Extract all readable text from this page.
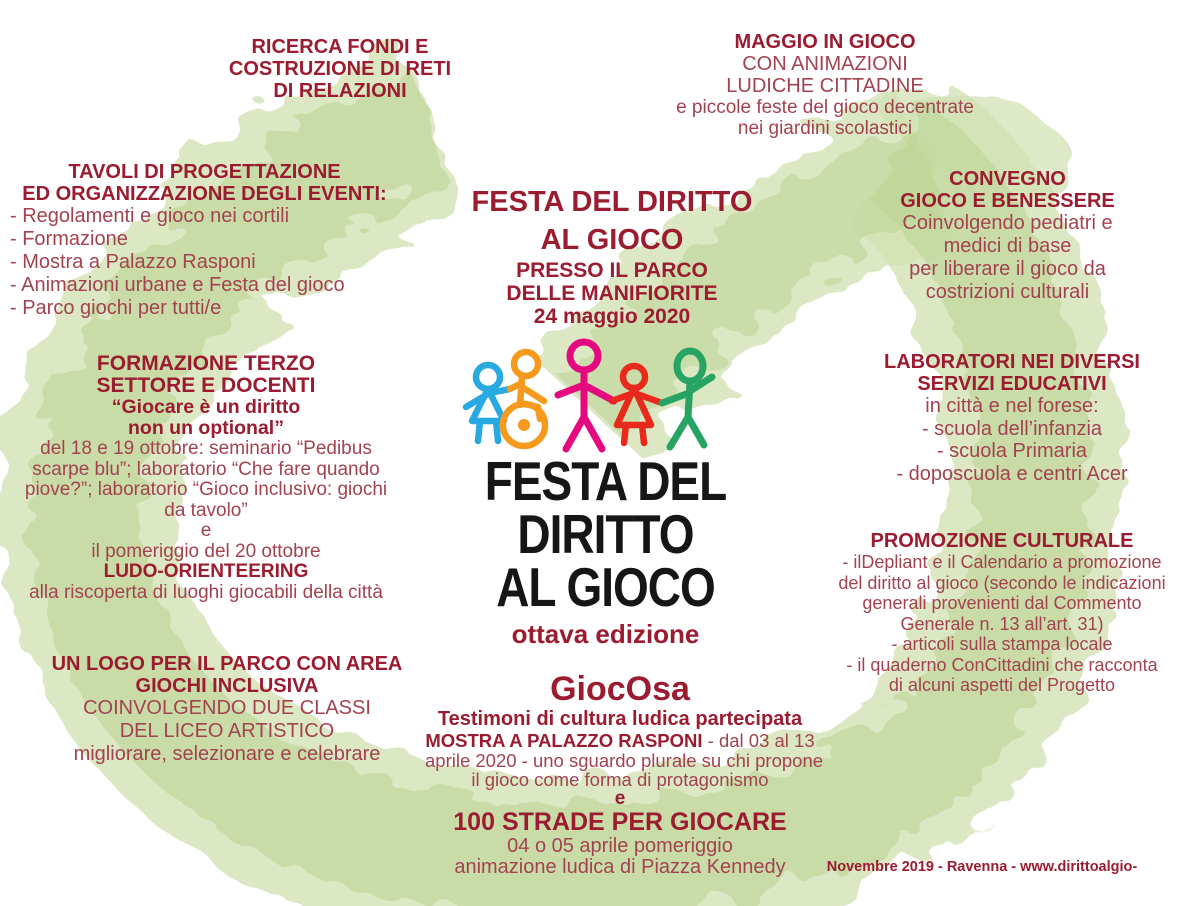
RICERCA FONDI E
COSTRUZIONE DI RETI
DI RELAZIONI
MAGGIO IN GIOCO
CON ANIMAZIONI
LUDICHE CITTADINE
e piccole feste del gioco decentrate
nei giardini scolastici
TAVOLI DI PROGETTAZIONE
ED ORGANIZZAZIONE DEGLI EVENTI:
- Regolamenti e gioco nei cortili
- Formazione
- Mostra a Palazzo Rasponi
- Animazioni urbane e Festa del gioco
- Parco giochi per tutti/e
FESTA DEL DIRITTO
AL GIOCO
PRESSO IL PARCO
DELLE MANIFIORITE
24 maggio 2020
CONVEGNO
GIOCO E BENESSERE
Coinvolgendo pediatri e
medici di base
per liberare il gioco da
costrizioni culturali
FORMAZIONE TERZO
SETTORE E DOCENTI
“Giocare è un diritto
non un optional”
del 18 e 19 ottobre: seminario “Pedibus
scarpe blu”; laboratorio “Che fare quando
piove?”; laboratorio “Gioco inclusivo: giochi
da tavolo”
e
il pomeriggio del 20 ottobre
LUDO-ORIENTEERING
alla riscoperta di luoghi giocabili della città
LABORATORI NEI DIVERSI
SERVIZI EDUCATIVI
in città e nel forese:
- scuola dell’infanzia
- scuola Primaria
- doposcuola e centri Acer
PROMOZIONE CULTURALE
- ilDepliant e il Calendario a promozione
del diritto al gioco (secondo le indicazioni
generali provenienti dal Commento
Generale n. 13 all’art. 31)
- articoli sulla stampa locale
- il quaderno ConCittadini che racconta
di alcuni aspetti del Progetto
UN LOGO PER IL PARCO CON AREA
GIOCHI INCLUSIVA
COINVOLGENDO DUE CLASSI
DEL LICEO ARTISTICO
migliorare, selezionare e celebrare
GiocOsa
Testimoni di cultura ludica partecipata
MOSTRA A PALAZZO RASPONI - dal 03 al 13
aprile 2020 - uno sguardo plurale su chi propone
il gioco come forma di protagonismo
e
100 STRADE PER GIOCARE
04 o 05 aprile pomeriggio
animazione ludica di Piazza Kennedy
FESTA DEL
DIRITTO
AL GIOCO
ottava edizione
Novembre 2019 - Ravenna - www.dirittoalgio-
